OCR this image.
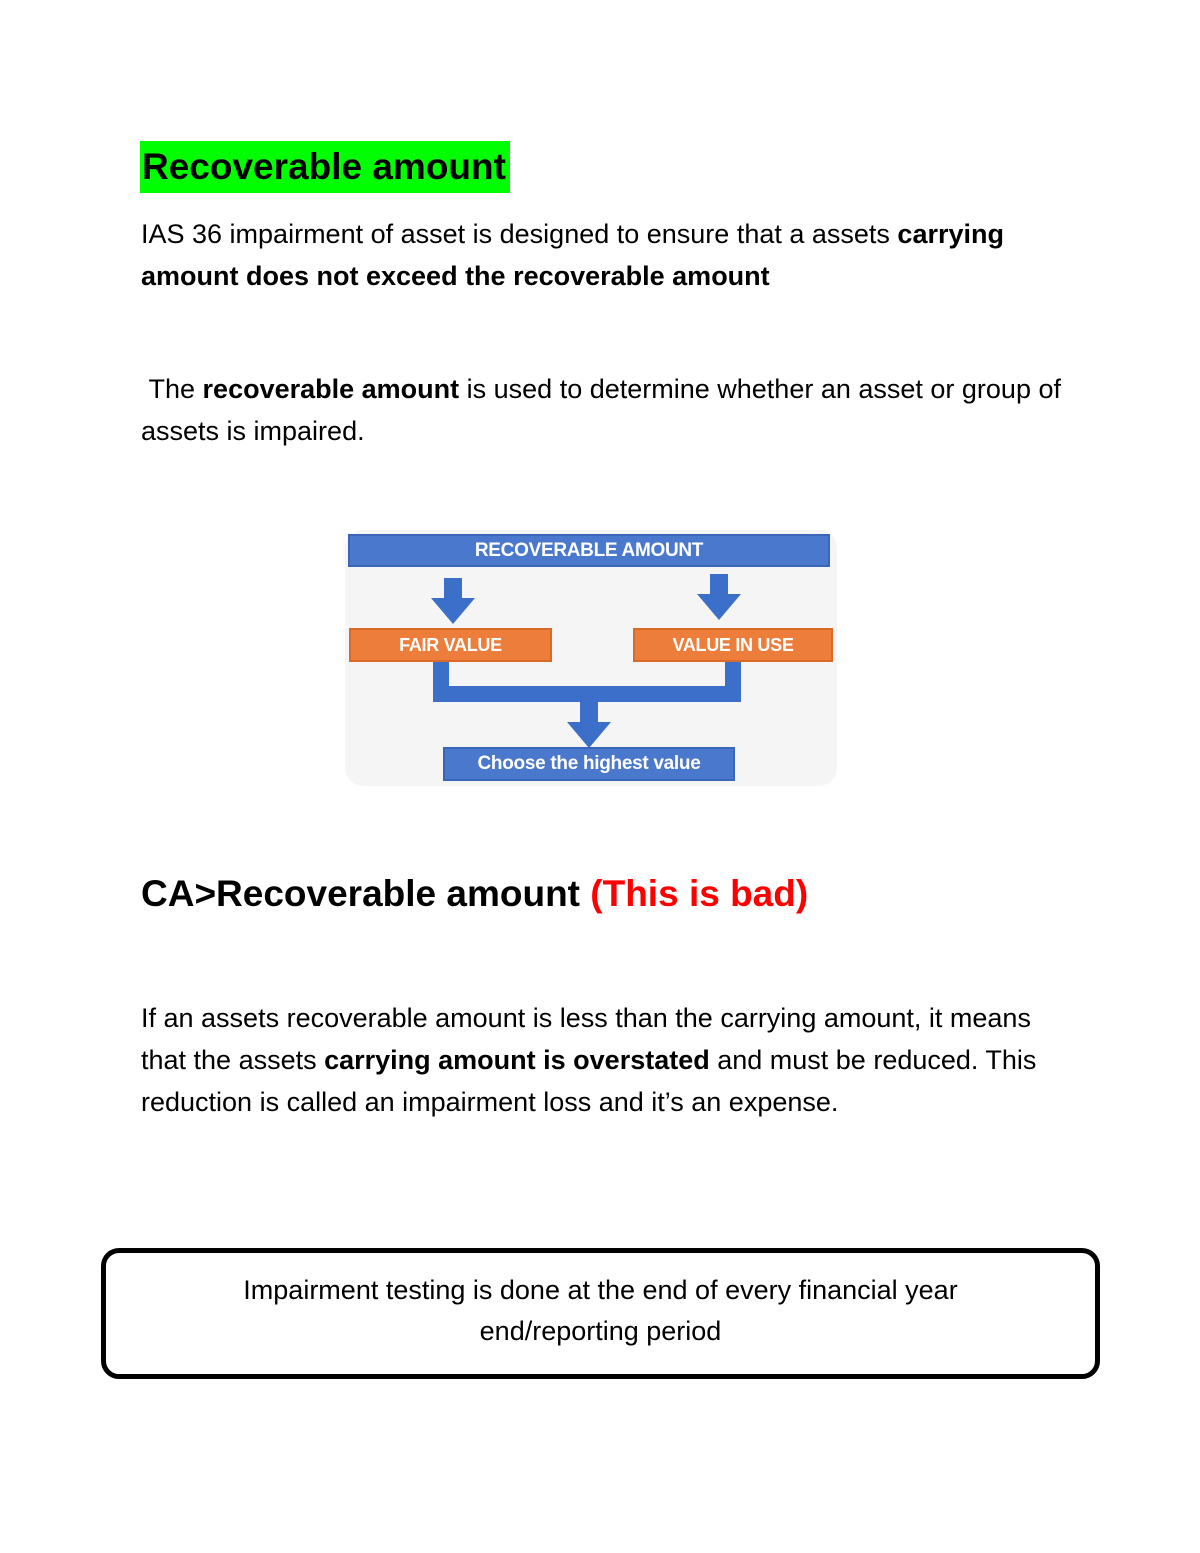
Recoverable amount
IAS 36 impairment of asset is designed to ensure that a assets carrying amount does not exceed the recoverable amount
The recoverable amount is used to determine whether an asset or group of assets is impaired.
RECOVERABLE AMOUNT
FAIR VALUE	VALUE IN USE
Choose the highest value
CA>Recoverable amount (This is bad)
If an assets recoverable amount is less than the carrying amount, it means that the assets carrying amount is overstated and must be reduced. This reduction is called an impairment loss and it’s an expense.
Impairment testing is done at the end of every financial year
end/reporting period
